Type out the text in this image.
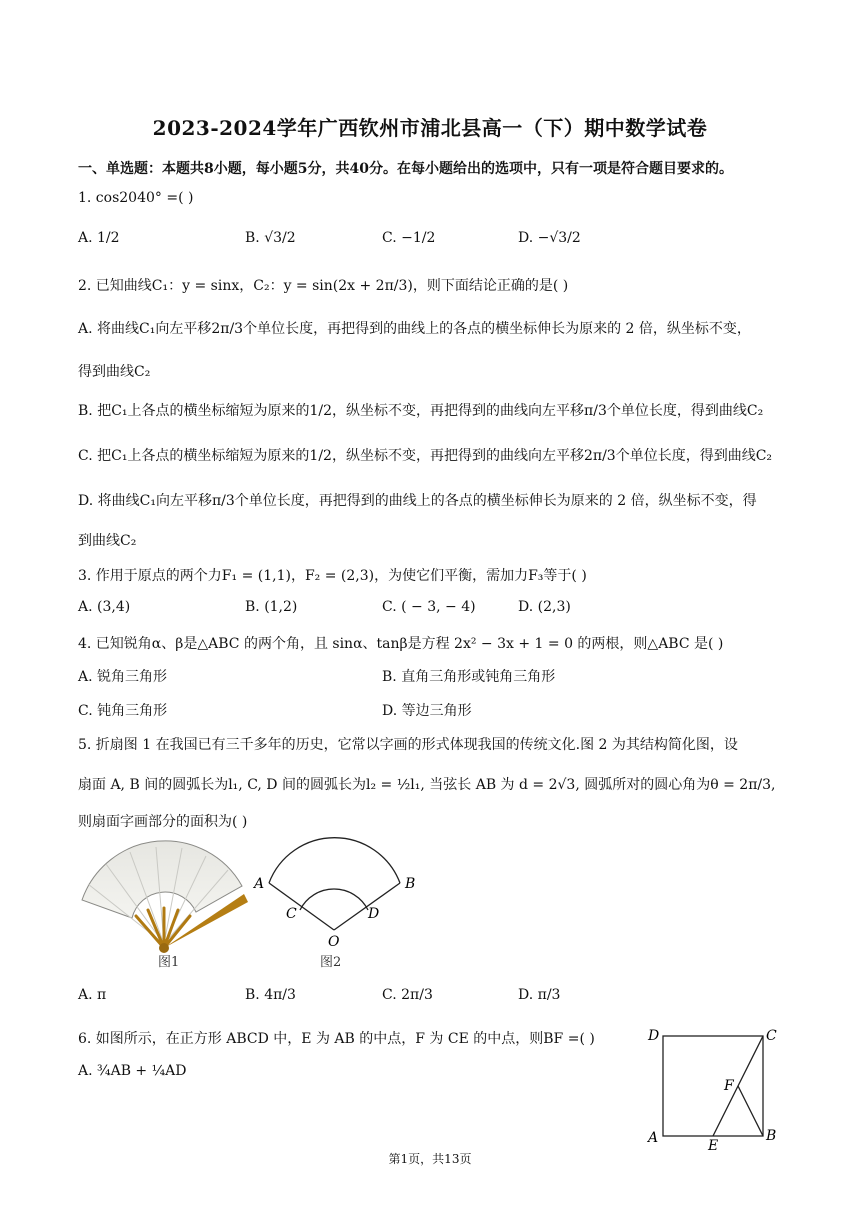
2023-2024学年广西钦州市浦北县高一（下）期中数学试卷
一、单选题：本题共8小题，每小题5分，共40分。在每小题给出的选项中，只有一项是符合题目要求的。
1. cos2040° =( )
A. 1/2	B. √3/2	C. −1/2	D. −√3/2
2. 已知曲线C₁：y = sinx，C₂：y = sin(2x + 2π/3)，则下面结论正确的是( )
A. 将曲线C₁向左平移2π/3个单位长度，再把得到的曲线上的各点的横坐标伸长为原来的 2 倍，纵坐标不变，
得到曲线C₂
B. 把C₁上各点的横坐标缩短为原来的1/2，纵坐标不变，再把得到的曲线向左平移π/3个单位长度，得到曲线C₂
C. 把C₁上各点的横坐标缩短为原来的1/2，纵坐标不变，再把得到的曲线向左平移2π/3个单位长度，得到曲线C₂
D. 将曲线C₁向左平移π/3个单位长度，再把得到的曲线上的各点的横坐标伸长为原来的 2 倍，纵坐标不变，得
到曲线C₂
3. 作用于原点的两个力F₁ = (1,1)，F₂ = (2,3)，为使它们平衡，需加力F₃等于( )
A. (3,4)	B. (1,2)	C. ( − 3, − 4)	D. (2,3)
4. 已知锐角α、β是△ABC 的两个角，且 sinα、tanβ是方程 2x² − 3x + 1 = 0 的两根，则△ABC 是( )
A. 锐角三角形	B. 直角三角形或钝角三角形
C. 钝角三角形	D. 等边三角形
5. 折扇图 1 在我国已有三千多年的历史，它常以字画的形式体现我国的传统文化.图 2 为其结构简化图，设
扇面 A, B 间的圆弧长为l₁, C, D 间的圆弧长为l₂ = ½l₁, 当弦长 AB 为 d = 2√3, 圆弧所对的圆心角为θ = 2π/3,
则扇面字画部分的面积为( )
图1
A	B
C	D
O
图2
A. π	B. 4π/3	C. 2π/3	D. π/3
6. 如图所示，在正方形 ABCD 中，E 为 AB 的中点，F 为 CE 的中点，则BF =( )
A. ¾AB + ¼AD
D	C
A	B
E
F
第1页，共13页
